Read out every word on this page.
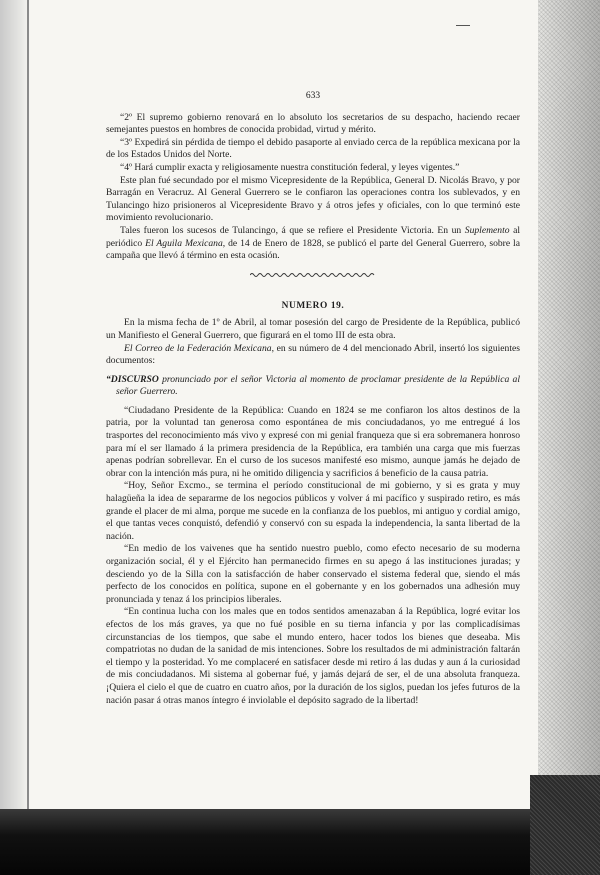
633

“2º El supremo gobierno renovará en lo absoluto los secretarios de su despacho, haciendo recaer semejantes puestos en hombres de conocida probidad, virtud y mérito.

“3º Expedirá sin pérdida de tiempo el debido pasaporte al enviado cerca de la república mexicana por la de los Estados Unidos del Norte.

“4º Hará cumplir exacta y religiosamente nuestra constitución federal, y leyes vigentes.”

Este plan fué secundado por el mismo Vicepresidente de la República, General D. Nicolás Bravo, y por Barragán en Veracruz. Al General Guerrero se le confiaron las operaciones contra los sublevados, y en Tulancingo hizo prisioneros al Vicepresidente Bravo y á otros jefes y oficiales, con lo que terminó este movimiento revolucionario.

Tales fueron los sucesos de Tulancingo, á que se refiere el Presidente Victoria. En un Suplemento al periódico El Aguila Mexicana, de 14 de Enero de 1828, se publicó el parte del General Guerrero, sobre la campaña que llevó á término en esta ocasión.

NUMERO 19.

En la misma fecha de 1º de Abril, al tomar posesión del cargo de Presidente de la República, publicó un Manifiesto el General Guerrero, que figurará en el tomo III de esta obra.

El Correo de la Federación Mexicana, en su número de 4 del mencionado Abril, insertó los siguientes documentos:

“DISCURSO pronunciado por el señor Victoria al momento de proclamar presidente de la República al señor Guerrero.

“Ciudadano Presidente de la República: Cuando en 1824 se me confiaron los altos destinos de la patria, por la voluntad tan generosa como espontánea de mis conciudadanos, yo me entregué á los trasportes del reconocimiento más vivo y expresé con mi genial franqueza que si era sobremanera honroso para mí el ser llamado á la primera presidencia de la República, era también una carga que mis fuerzas apenas podrían sobrellevar. En el curso de los sucesos manifesté eso mismo, aunque jamás he dejado de obrar con la intención más pura, ni he omitido diligencia y sacrificios á beneficio de la causa patria.

“Hoy, Señor Excmo., se termina el período constitucional de mi gobierno, y si es grata y muy halagüeña la idea de separarme de los negocios públicos y volver á mi pacífico y suspirado retiro, es más grande el placer de mi alma, porque me sucede en la confianza de los pueblos, mi antiguo y cordial amigo, el que tantas veces conquistó, defendió y conservó con su espada la independencia, la santa libertad de la nación.

“En medio de los vaivenes que ha sentido nuestro pueblo, como efecto necesario de su moderna organización social, él y el Ejército han permanecido firmes en su apego á las instituciones juradas; y desciendo yo de la Silla con la satisfacción de haber conservado el sistema federal que, siendo el más perfecto de los conocidos en política, supone en el gobernante y en los gobernados una adhesión muy pronunciada y tenaz á los principios liberales.

“En continua lucha con los males que en todos sentidos amenazaban á la República, logré evitar los efectos de los más graves, ya que no fué posible en su tierna infancia y por las complicadísimas circunstancias de los tiempos, que sabe el mundo entero, hacer todos los bienes que deseaba. Mis compatriotas no dudan de la sanidad de mis intenciones. Sobre los resultados de mi administración faltarán el tiempo y la posteridad. Yo me complaceré en satisfacer desde mi retiro á las dudas y aun á la curiosidad de mis conciudadanos. Mi sistema al gobernar fué, y jamás dejará de ser, el de una absoluta franqueza. ¡Quiera el cielo el que de cuatro en cuatro años, por la duración de los siglos, puedan los jefes futuros de la nación pasar á otras manos íntegro é inviolable el depósito sagrado de la libertad!
